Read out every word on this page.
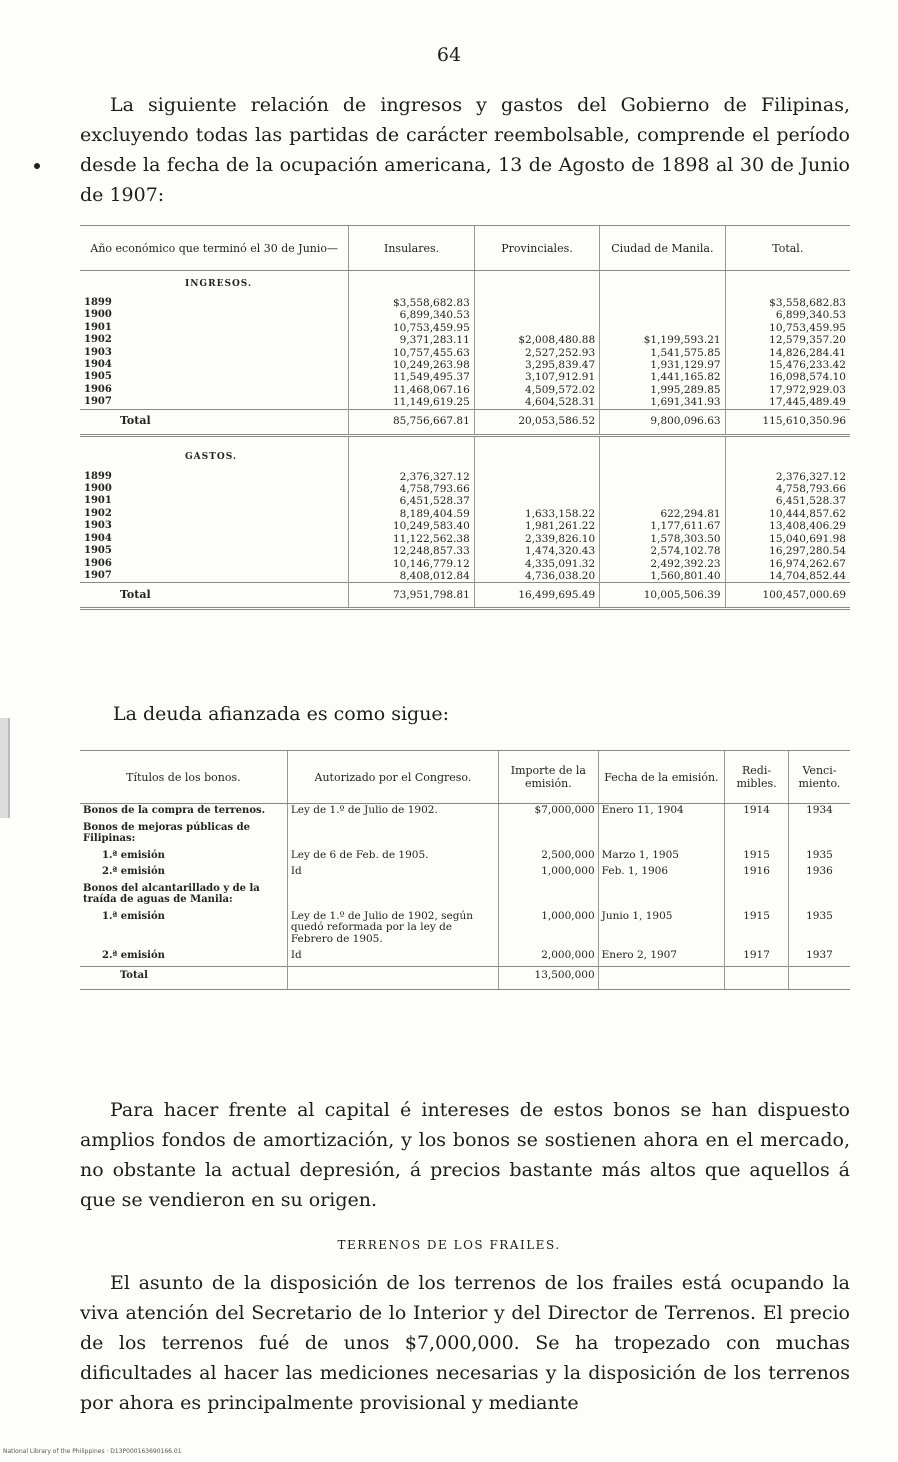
64
La siguiente relación de ingresos y gastos del Gobierno de Filipinas, excluyendo todas las partidas de carácter reembolsable, comprende el período desde la fecha de la ocupación americana, 13 de Agosto de 1898 al 30 de Junio de 1907:
Año económico que terminó el 30 de Junio—	Insulares.	Provinciales.	Ciudad de Manila.	Total.
INGRESOS.				
1899	$3,558,682.83			$3,558,682.83
1900	6,899,340.53			6,899,340.53
1901	10,753,459.95			10,753,459.95
1902	9,371,283.11	$2,008,480.88	$1,199,593.21	12,579,357.20
1903	10,757,455.63	2,527,252.93	1,541,575.85	14,826,284.41
1904	10,249,263.98	3,295,839.47	1,931,129.97	15,476,233.42
1905	11,549,495.37	3,107,912.91	1,441,165.82	16,098,574.10
1906	11,468,067.16	4,509,572.02	1,995,289.85	17,972,929.03
1907	11,149,619.25	4,604,528.31	1,691,341.93	17,445,489.49
Total	85,756,667.81	20,053,586.52	9,800,096.63	115,610,350.96

GASTOS.				
1899	2,376,327.12			2,376,327.12
1900	4,758,793.66			4,758,793.66
1901	6,451,528.37			6,451,528.37
1902	8,189,404.59	1,633,158.22	622,294.81	10,444,857.62
1903	10,249,583.40	1,981,261.22	1,177,611.67	13,408,406.29
1904	11,122,562.38	2,339,826.10	1,578,303.50	15,040,691.98
1905	12,248,857.33	1,474,320.43	2,574,102.78	16,297,280.54
1906	10,146,779.12	4,335,091.32	2,492,392.23	16,974,262.67
1907	8,408,012.84	4,736,038.20	1,560,801.40	14,704,852.44
Total	73,951,798.81	16,499,695.49	10,005,506.39	100,457,000.69
La deuda afianzada es como sigue:
Títulos de los bonos.	Autorizado por el Congreso.	Importe de la emisión.	Fecha de la emisión.	Redi-mibles.	Venci-miento.
Bonos de la compra de terrenos.	Ley de 1.º de Julio de 1902.	$7,000,000	Enero 11, 1904	1914	1934
Bonos de mejoras públicas de Filipinas:					
1.ª emisión	Ley de 6 de Feb. de 1905.	2,500,000	Marzo 1, 1905	1915	1935
2.ª emisión	Id	1,000,000	Feb. 1, 1906	1916	1936
Bonos del alcantarillado y de la traída de aguas de Manila:					
1.ª emisión	Ley de 1.º de Julio de 1902, según quedó reformada por la ley de Febrero de 1905.	1,000,000	Junio 1, 1905	1915	1935
2.ª emisión	Id	2,000,000	Enero 2, 1907	1917	1937
Total		13,500,000			
Para hacer frente al capital é intereses de estos bonos se han dispuesto amplios fondos de amortización, y los bonos se sostienen ahora en el mercado, no obstante la actual depresión, á precios bastante más altos que aquellos á que se vendieron en su origen.
TERRENOS DE LOS FRAILES.
El asunto de la disposición de los terrenos de los frailes está ocupando la viva atención del Secretario de lo Interior y del Director de Terrenos. El precio de los terrenos fué de unos $7,000,000. Se ha tropezado con muchas dificultades al hacer las mediciones necesarias y la disposición de los terrenos por ahora es principalmente provisional y mediante
National Library of the Philippines · D13P000163690166.01
